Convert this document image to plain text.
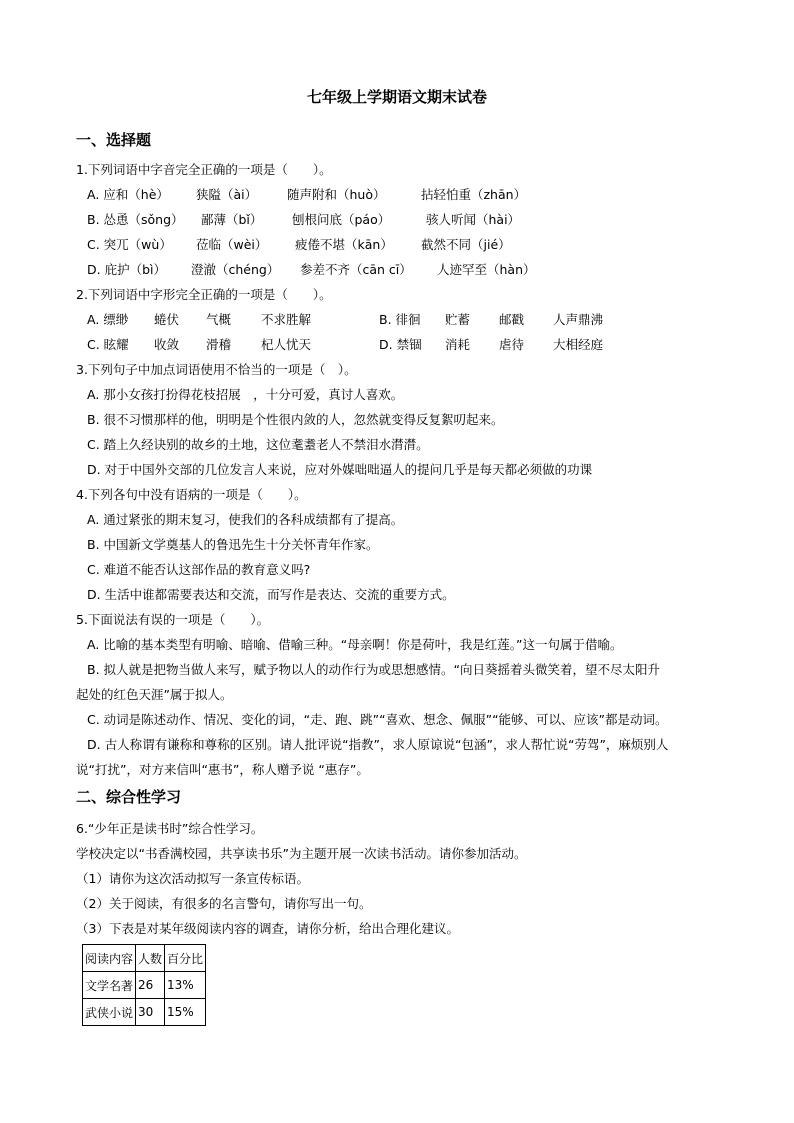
七年级上学期语文期末试卷
一、选择题
1.下列词语中字音完全正确的一项是（　　）。
A. 应和（hè） 狭隘（ài） 随声附和（huò）	拈轻怕重（zhān）
B. 怂恿（sǒng） 鄙薄（bǐ） 刨根问底（páo）	骇人听闻（hài）
C. 突兀（wù） 莅临（wèi） 疲倦不堪（kān） 截然不同（jié）
D. 庇护（bì） 澄澈（chéng） 参差不齐（cān cī） 人迹罕至（hàn）
2.下列词语中字形完全正确的一项是（　　）。
A. 缥缈 蜷伏 气概 不求胜解	B. 徘徊 贮蓄 邮戳 人声鼎沸
C. 眩耀 收敛 滑稽 杞人忧天	D. 禁锢 消耗 虐待 大相经庭
3.下列句子中加点词语使用不恰当的一项是（　）。
A. 那小女孩打扮得花枝招展　，十分可爱，真讨人喜欢。
B. 很不习惯那样的他，明明是个性很内敛的人，忽然就变得反复絮叨起来。
C. 踏上久经诀别的故乡的土地，这位耄耋老人不禁泪水潸潸。
D. 对于中国外交部的几位发言人来说，应对外媒咄咄逼人的提问几乎是每天都必须做的功课
4.下列各句中没有语病的一项是（　　）。
A. 通过紧张的期末复习，使我们的各科成绩都有了提高。
B. 中国新文学奠基人的鲁迅先生十分关怀青年作家。
C. 难道不能否认这部作品的教育意义吗?
D. 生活中谁都需要表达和交流，而写作是表达、交流的重要方式。
5.下面说法有误的一项是（　　）。
A. 比喻的基本类型有明喻、暗喻、借喻三种。“母亲啊！你是荷叶，我是红莲。”这一句属于借喻。
B. 拟人就是把物当做人来写，赋予物以人的动作行为或思想感情。“向日葵摇着头微笑着，望不尽太阳升
起处的红色天涯”属于拟人。
C. 动词是陈述动作、情况、变化的词，“走、跑、跳”“喜欢、想念、佩服”“能够、可以、应该”都是动词。
D. 古人称谓有谦称和尊称的区别。请人批评说“指教”，求人原谅说“包涵”，求人帮忙说“劳驾”，麻烦别人
说“打扰”，对方来信叫“惠书”，称人赠予说 “惠存”。
二、综合性学习
6.“少年正是读书时”综合性学习。
学校决定以“书香满校园，共享读书乐”为主题开展一次读书活动。请你参加活动。
（1）请你为这次活动拟写一条宣传标语。
（2）关于阅读，有很多的名言警句，请你写出一句。
（3）下表是对某年级阅读内容的调查，请你分析，给出合理化建议。
阅读内容	人数	百分比
文学名著	26	13%
武侠小说	30	15%
